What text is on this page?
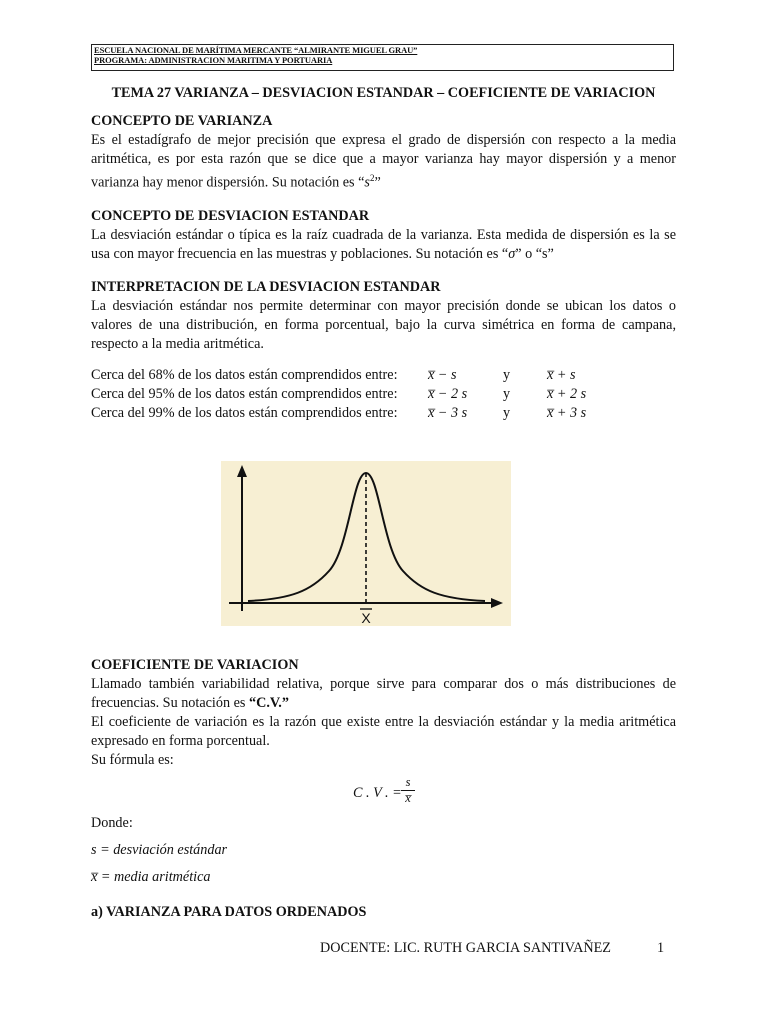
ESCUELA NACIONAL DE MARÍTIMA MERCANTE “ALMIRANTE MIGUEL GRAU”
PROGRAMA: ADMINISTRACION MARITIMA Y PORTUARIA
TEMA 27 VARIANZA – DESVIACION ESTANDAR – COEFICIENTE DE VARIACION

CONCEPTO DE VARIANZA

Es el estadígrafo de mejor precisión que expresa el grado de dispersión con respecto a la media aritmética, es por esta razón que se dice que a mayor varianza hay mayor dispersión y a menor varianza hay menor dispersión. Su notación es “$s^2$”

CONCEPTO DE DESVIACION ESTANDAR

La desviación estándar o típica es la raíz cuadrada de la varianza. Esta medida de dispersión es la se usa con mayor frecuencia en las muestras y poblaciones. Su notación es “σ” o “s”

INTERPRETACION DE LA DESVIACION ESTANDAR

La desviación estándar nos permite determinar con mayor precisión donde se ubican los datos o valores de una distribución, en forma porcentual, bajo la curva simétrica en forma de campana, respecto a la media aritmética.

Cerca del 68% de los datos están comprendidos entre: x̅ − s	y	x̅ + s
Cerca del 95% de los datos están comprendidos entre: x̅ − 2 s	y	x̅ + 2 s
Cerca del 99% de los datos están comprendidos entre: x̅ − 3 s	y	x̅ + 3 s
X

COEFICIENTE DE VARIACION

Llamado también variabilidad relativa, porque sirve para comparar dos o más distribuciones de frecuencias. Su notación es “C.V.”

El coeficiente de variación es la razón que existe entre la desviación estándar y la media aritmética expresado en forma porcentual.

Su fórmula es:

C . V . =
s
x̅

Donde:

s = desviación estándar

x̅ = media aritmética

a) VARIANZA PARA DATOS ORDENADOS

DOCENTE: LIC. RUTH GARCIA SANTIVAÑEZ	1
